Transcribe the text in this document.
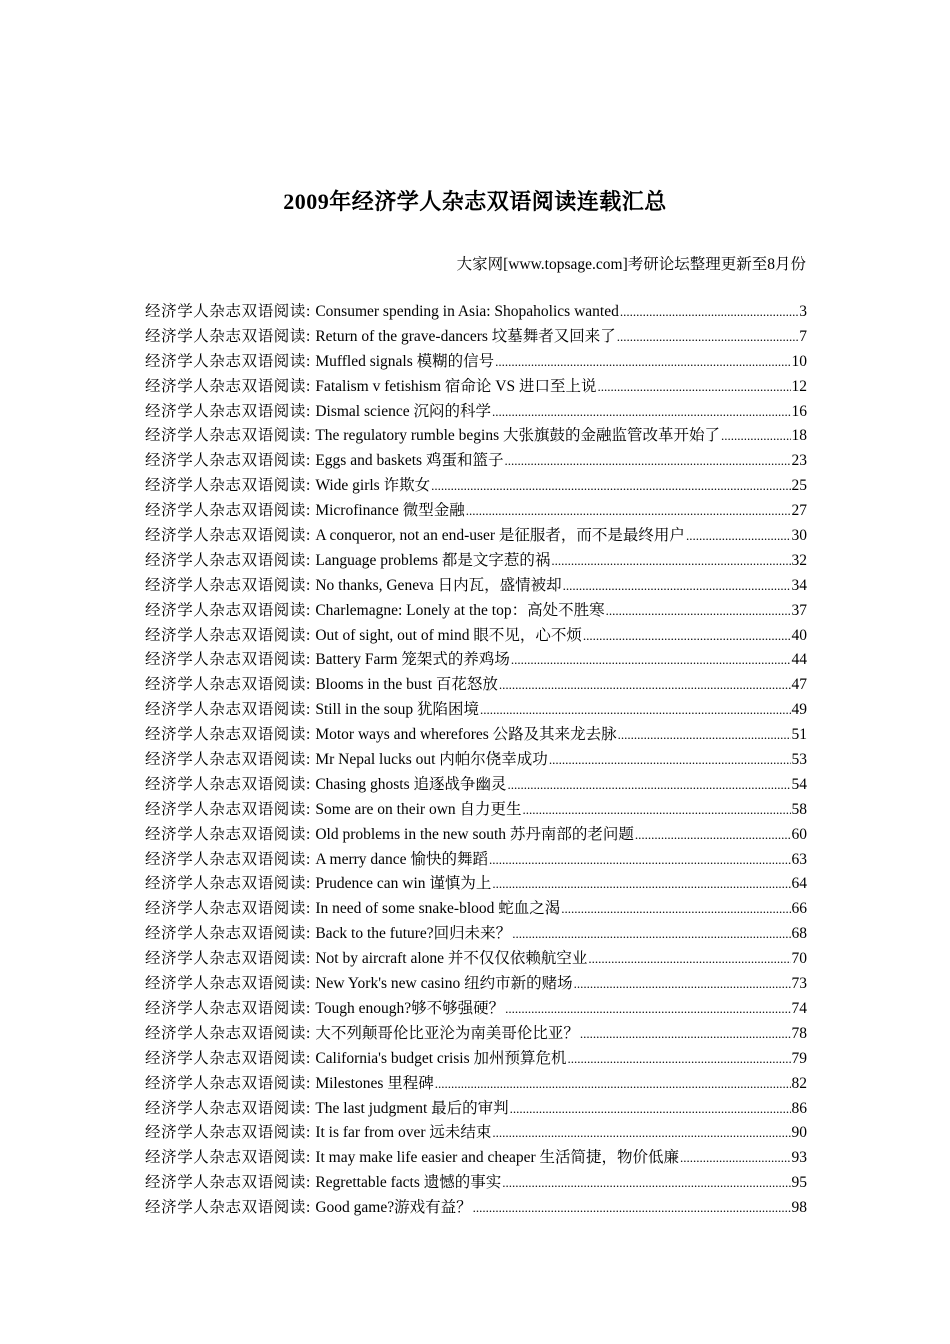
2009年经济学人杂志双语阅读连载汇总
大家网[www.topsage.com]考研论坛整理更新至8月份
经济学人杂志双语阅读 : Consumer spending in Asia: Shopaholics wanted .....	3
经济学人杂志双语阅读 : Return of the grave-dancers 坟墓舞者又回来了 .....	7
经济学人杂志双语阅读 : Muffled signals 模糊的信号 .....	10
经济学人杂志双语阅读 : Fatalism v fetishism 宿命论 VS 进口至上说 .....	12
经济学人杂志双语阅读 : Dismal science 沉闷的科学 .....	16
经济学人杂志双语阅读 : The regulatory rumble begins 大张旗鼓的金融监管改革开始了 .....	18
经济学人杂志双语阅读 : Eggs and baskets 鸡蛋和篮子 .....	23
经济学人杂志双语阅读 : Wide girls 诈欺女 .....	25
经济学人杂志双语阅读 : Microfinance 微型金融 .....	27
经济学人杂志双语阅读 : A conqueror, not an end-user 是征服者，而不是最终用户 .....	30
经济学人杂志双语阅读 : Language problems 都是文字惹的祸 .....	32
经济学人杂志双语阅读 : No thanks, Geneva 日内瓦，盛情被却 .....	34
经济学人杂志双语阅读 : Charlemagne: Lonely at the top：高处不胜寒 .....	37
经济学人杂志双语阅读 : Out of sight, out of mind 眼不见，心不烦 .....	40
经济学人杂志双语阅读 : Battery Farm 笼架式的养鸡场 .....	44
经济学人杂志双语阅读 : Blooms in the bust 百花怒放 .....	47
经济学人杂志双语阅读 : Still in the soup 犹陷困境 .....	49
经济学人杂志双语阅读 : Motor ways and wherefores 公路及其来龙去脉 .....	51
经济学人杂志双语阅读 : Mr Nepal lucks out 内帕尔侥幸成功 .....	53
经济学人杂志双语阅读 : Chasing ghosts 追逐战争幽灵 .....	54
经济学人杂志双语阅读 : Some are on their own 自力更生 .....	58
经济学人杂志双语阅读 : Old problems in the new south 苏丹南部的老问题 .....	60
经济学人杂志双语阅读 : A merry dance 愉快的舞蹈 .....	63
经济学人杂志双语阅读 : Prudence can win 谨慎为上 .....	64
经济学人杂志双语阅读 : In need of some snake-blood 蛇血之渴 .....	66
经济学人杂志双语阅读 : Back to the future?回归未来？ .....	68
经济学人杂志双语阅读 : Not by aircraft alone 并不仅仅依赖航空业 .....	70
经济学人杂志双语阅读 : New York's new casino 纽约市新的赌场 .....	73
经济学人杂志双语阅读 : Tough enough?够不够强硬？ .....	74
经济学人杂志双语阅读 : 大不列颠哥伦比亚沦为南美哥伦比亚？ .....	78
经济学人杂志双语阅读 : California's budget crisis 加州预算危机 .....	79
经济学人杂志双语阅读 : Milestones 里程碑 .....	82
经济学人杂志双语阅读 : The last judgment 最后的审判 .....	86
经济学人杂志双语阅读 : It is far from over 远未结束 .....	90
经济学人杂志双语阅读 : It may make life easier and cheaper 生活简捷，物价低廉 .....	93
经济学人杂志双语阅读 : Regrettable facts 遗憾的事实 .....	95
经济学人杂志双语阅读 : Good game?游戏有益？ .....	98
